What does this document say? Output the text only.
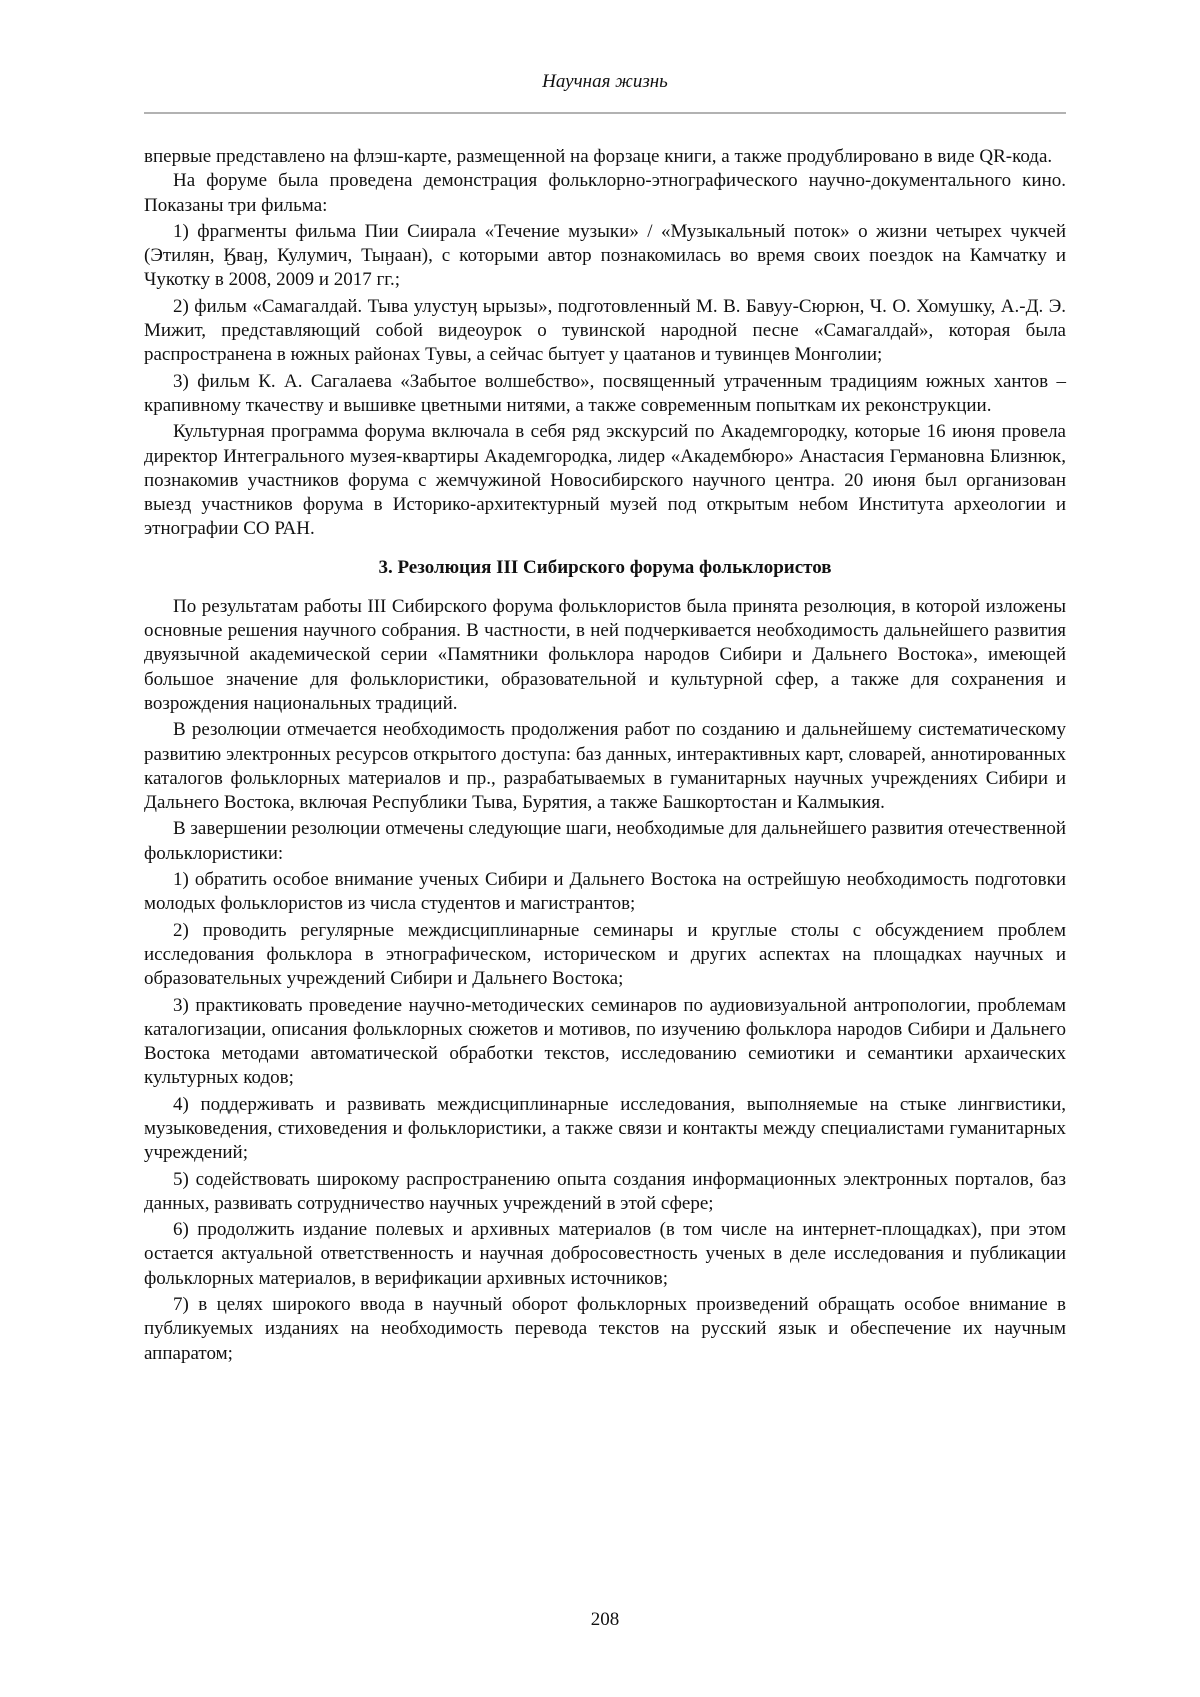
Научная жизнь

впервые представлено на флэш-карте, размещенной на форзаце книги, а также продублировано в виде QR-кода.

На форуме была проведена демонстрация фольклорно-этнографического научно-документального кино. Показаны три фильма:

1) фрагменты фильма Пии Сиирала «Течение музыки» / «Музыкальный поток» о жизни четырех чукчей (Этилян, Ӄваӈ, Кулумич, Тыӈаан), с которыми автор познакомилась во время своих поездок на Камчатку и Чукотку в 2008, 2009 и 2017 гг.;

2) фильм «Самагалдай. Тыва улустуӊ ырызы», подготовленный М. В. Бавуу-Сюрюн, Ч. О. Хомушку, А.-Д. Э. Мижит, представляющий собой видеоурок о тувинской народной песне «Самагалдай», которая была распространена в южных районах Тувы, а сейчас бытует у цаатанов и тувинцев Монголии;

3) фильм К. А. Сагалаева «Забытое волшебство», посвященный утраченным традициям южных хантов – крапивному ткачеству и вышивке цветными нитями, а также современным попыткам их реконструкции.

Культурная программа форума включала в себя ряд экскурсий по Академгородку, которые 16 июня провела директор Интегрального музея-квартиры Академгородка, лидер «Академбюро» Анастасия Германовна Близнюк, познакомив участников форума с жемчужиной Новосибирского научного центра. 20 июня был организован выезд участников форума в Историко-архитектурный музей под открытым небом Института археологии и этнографии СО РАН.

3. Резолюция III Сибирского форума фольклористов

По результатам работы III Сибирского форума фольклористов была принята резолюция, в которой изложены основные решения научного собрания. В частности, в ней подчеркивается необходимость дальнейшего развития двуязычной академической серии «Памятники фольклора народов Сибири и Дальнего Востока», имеющей большое значение для фольклористики, образовательной и культурной сфер, а также для сохранения и возрождения национальных традиций.

В резолюции отмечается необходимость продолжения работ по созданию и дальнейшему систематическому развитию электронных ресурсов открытого доступа: баз данных, интерактивных карт, словарей, аннотированных каталогов фольклорных материалов и пр., разрабатываемых в гуманитарных научных учреждениях Сибири и Дальнего Востока, включая Республики Тыва, Бурятия, а также Башкортостан и Калмыкия.

В завершении резолюции отмечены следующие шаги, необходимые для дальнейшего развития отечественной фольклористики:

1) обратить особое внимание ученых Сибири и Дальнего Востока на острейшую необходимость подготовки молодых фольклористов из числа студентов и магистрантов;

2) проводить регулярные междисциплинарные семинары и круглые столы с обсуждением проблем исследования фольклора в этнографическом, историческом и других аспектах на площадках научных и образовательных учреждений Сибири и Дальнего Востока;

3) практиковать проведение научно-методических семинаров по аудиовизуальной антропологии, проблемам каталогизации, описания фольклорных сюжетов и мотивов, по изучению фольклора народов Сибири и Дальнего Востока методами автоматической обработки текстов, исследованию семиотики и семантики архаических культурных кодов;

4) поддерживать и развивать междисциплинарные исследования, выполняемые на стыке лингвистики, музыковедения, стиховедения и фольклористики, а также связи и контакты между специалистами гуманитарных учреждений;

5) содействовать широкому распространению опыта создания информационных электронных порталов, баз данных, развивать сотрудничество научных учреждений в этой сфере;

6) продолжить издание полевых и архивных материалов (в том числе на интернет-площадках), при этом остается актуальной ответственность и научная добросовестность ученых в деле исследования и публикации фольклорных материалов, в верификации архивных источников;

7) в целях широкого ввода в научный оборот фольклорных произведений обращать особое внимание в публикуемых изданиях на необходимость перевода текстов на русский язык и обеспечение их научным аппаратом;

208
